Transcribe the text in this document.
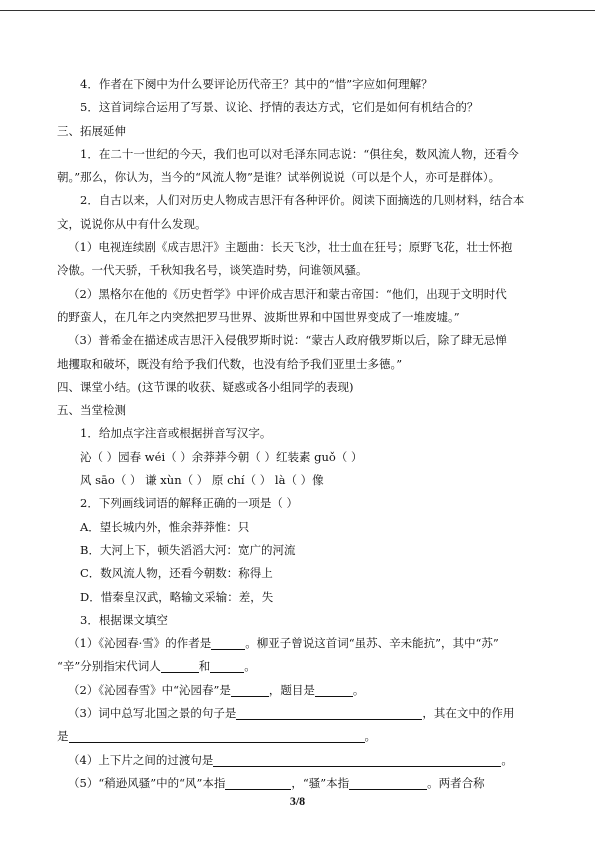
4．作者在下阕中为什么要评论历代帝王？其中的“惜”字应如何理解？
5．这首词综合运用了写景、议论、抒情的表达方式，它们是如何有机结合的？
三、拓展延伸
1．在二十一世纪的今天，我们也可以对毛泽东同志说：“俱往矣，数风流人物，还看今
朝。”那么，你认为，当今的“风流人物”是谁？试举例说说（可以是个人，亦可是群体）。
2．自古以来，人们对历史人物成吉思汗有各种评价。阅读下面摘选的几则材料，结合本
文，说说你从中有什么发现。
（1）电视连续剧《成吉思汗》主题曲：长天飞沙，壮士血在狂号；原野飞花，壮士怀抱
冷傲。一代天骄，千秋知我名号，谈笑造时势，问谁领风骚。
（2）黑格尔在他的《历史哲学》中评价成吉思汗和蒙古帝国：“他们，出现于文明时代
的野蛮人，在几年之内突然把罗马世界、波斯世界和中国世界变成了一堆废墟。”
（3）普希金在描述成吉思汗入侵俄罗斯时说：“蒙古人政府俄罗斯以后，除了肆无忌惮
地攫取和破坏，既没有给予我们代数，也没有给予我们亚里士多德。”
四、课堂小结。(这节课的收获、疑惑或各小组同学的表现)
五、当堂检测
1．给加点字注音或根据拼音写汉字。
沁（ ）园春 wéi（ ）余莽莽今朝（ ）红装素 guǒ（ ）
风 sāo（ ） 谦 xùn（ ） 原 chí（ ） là（ ）像
2．下列画线词语的解释正确的一项是（ ）
A．望长城内外，惟余莽莽惟：只
B．大河上下，顿失滔滔大河：宽广的河流
C．数风流人物，还看今朝数：称得上
D．惜秦皇汉武，略输文采输：差，失
3．根据课文填空
（1）《沁园春·雪》的作者是	。柳亚子曾说这首词“虽苏、辛未能抗”，其中“苏”
“辛”分别指宋代词人	和	。
（2）《沁园春雪》中“沁园春”是	，题目是	。
（3）词中总写北国之景的句子是	，其在文中的作用
是	。
（4）上下片之间的过渡句是	。
（5）“稍逊风骚”中的“风”本指	，“骚”本指	。两者合称
3/8
